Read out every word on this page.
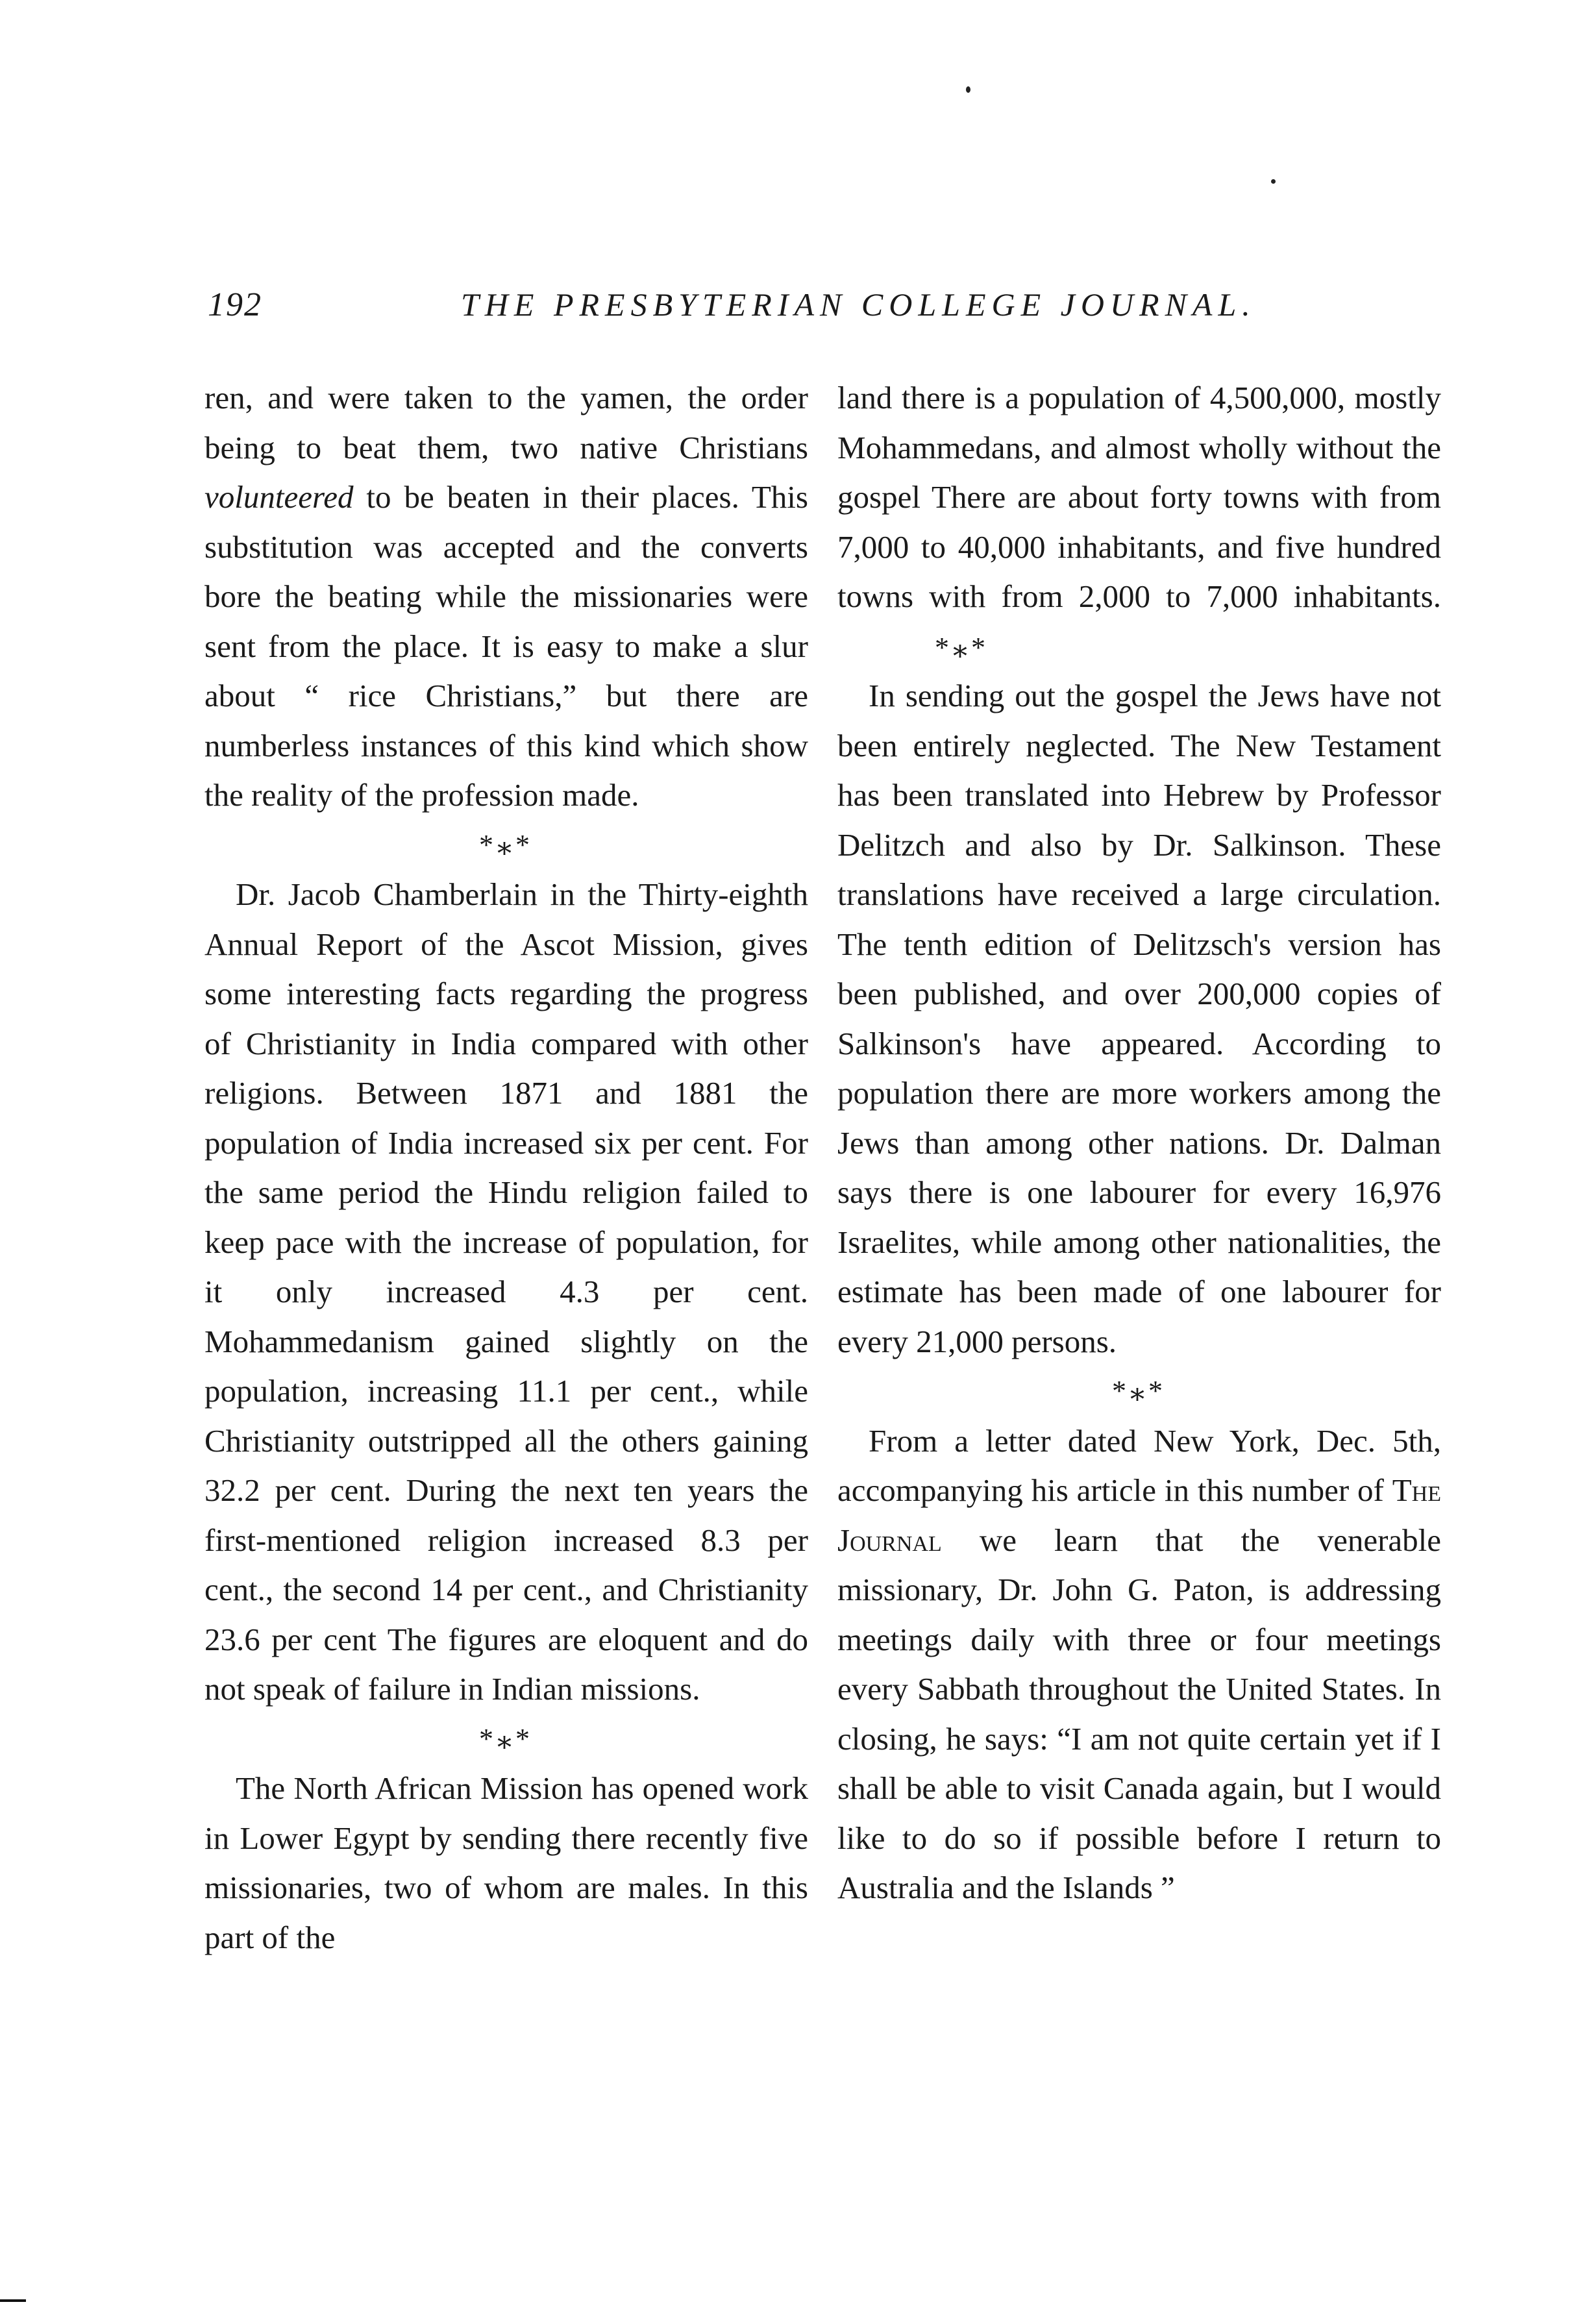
192	THE PRESBYTERIAN COLLEGE JOURNAL.

ren, and were taken to the yamen, the order being to beat them, two native Christians volunteered to be beaten in their places. This substitution was accepted and the converts bore the beating while the missionaries were sent from the place. It is easy to make a slur about “ rice Christians,” but there are numberless instances of this kind which show the reality of the profession made.

*⁎*

Dr. Jacob Chamberlain in the Thirty-eighth Annual Report of the Ascot Mission, gives some interesting facts regarding the progress of Christianity in India compared with other religions. Between 1871 and 1881 the population of India increased six per cent. For the same period the Hindu religion failed to keep pace with the increase of population, for it only increased 4.3 per cent. Mohammedanism gained slightly on the population, increasing 11.1 per cent., while Christianity outstripped all the others gaining 32.2 per cent. During the next ten years the first-mentioned religion increased 8.3 per cent., the second 14 per cent., and Christianity 23.6 per cent The figures are eloquent and do not speak of failure in Indian missions.

*⁎*

The North African Mission has opened work in Lower Egypt by sending there recently five missionaries, two of whom are males. In this part of the

land there is a population of 4,500,000, mostly Mohammedans, and almost wholly without the gospel There are about forty towns with from 7,000 to 40,000 inhabitants, and five hundred towns with from 2,000 to 7,000 inhabitants.*⁎*

In sending out the gospel the Jews have not been entirely neglected. The New Testament has been translated into Hebrew by Professor Delitzch and also by Dr. Salkinson. These translations have received a large circulation. The tenth edition of Delitzsch's version has been published, and over 200,000 copies of Salkinson's have appeared. According to population there are more workers among the Jews than among other nations. Dr. Dalman says there is one labourer for every 16,976 Israelites, while among other nationalities, the estimate has been made of one labourer for every 21,000 persons.

*⁎*

From a letter dated New York, Dec. 5th, accompanying his article in this number of The Journal we learn that the venerable missionary, Dr. John G. Paton, is addressing meetings daily with three or four meetings every Sabbath throughout the United States. In closing, he says: “I am not quite certain yet if I shall be able to visit Canada again, but I would like to do so if possible before I return to Australia and the Islands ”
